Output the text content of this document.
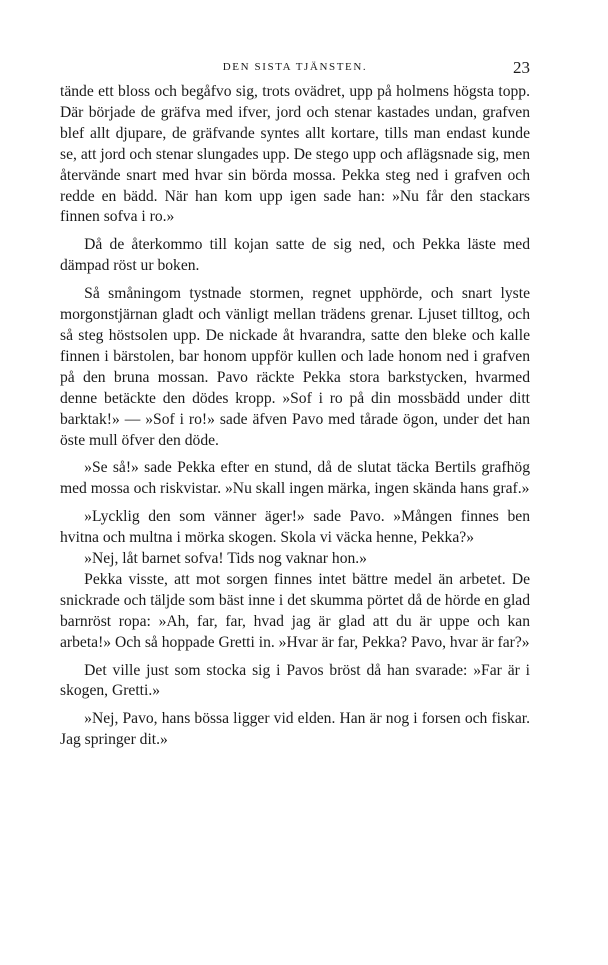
DEN SISTA TJÄNSTEN.	23

tände ett bloss och begåfvo sig, trots ovädret, upp på holmens högsta topp. Där började de gräfva med ifver, jord och stenar kastades undan, grafven blef allt djupare, de gräfvande syntes allt kortare, tills man endast kunde se, att jord och stenar slungades upp. De stego upp och aflägsnade sig, men återvände snart med hvar sin börda mossa. Pekka steg ned i grafven och redde en bädd. När han kom upp igen sade han: »Nu får den stackars finnen sofva i ro.»

Då de återkommo till kojan satte de sig ned, och Pekka läste med dämpad röst ur boken.

Så småningom tystnade stormen, regnet upphörde, och snart lyste morgonstjärnan gladt och vänligt mellan trädens grenar. Ljuset tilltog, och så steg höstsolen upp. De nickade åt hvarandra, satte den bleke och kalle finnen i bärstolen, bar honom uppför kullen och lade honom ned i grafven på den bruna mossan. Pavo räckte Pekka stora barkstycken, hvarmed denne betäckte den dödes kropp. »Sof i ro på din mossbädd under ditt barktak!» — »Sof i ro!» sade äfven Pavo med tårade ögon, under det han öste mull öfver den döde.

»Se så!» sade Pekka efter en stund, då de slutat täcka Bertils grafhög med mossa och riskvistar. »Nu skall ingen märka, ingen skända hans graf.»

»Lycklig den som vänner äger!» sade Pavo. »Mången finnes ben hvitna och multna i mörka skogen. Skola vi väcka henne, Pekka?»

»Nej, låt barnet sofva! Tids nog vaknar hon.»

Pekka visste, att mot sorgen finnes intet bättre medel än arbetet. De snickrade och täljde som bäst inne i det skumma pörtet då de hörde en glad barnröst ropa: »Ah, far, far, hvad jag är glad att du är uppe och kan arbeta!» Och så hoppade Gretti in. »Hvar är far, Pekka? Pavo, hvar är far?»

Det ville just som stocka sig i Pavos bröst då han svarade: »Far är i skogen, Gretti.»

»Nej, Pavo, hans bössa ligger vid elden. Han är nog i forsen och fiskar. Jag springer dit.»
